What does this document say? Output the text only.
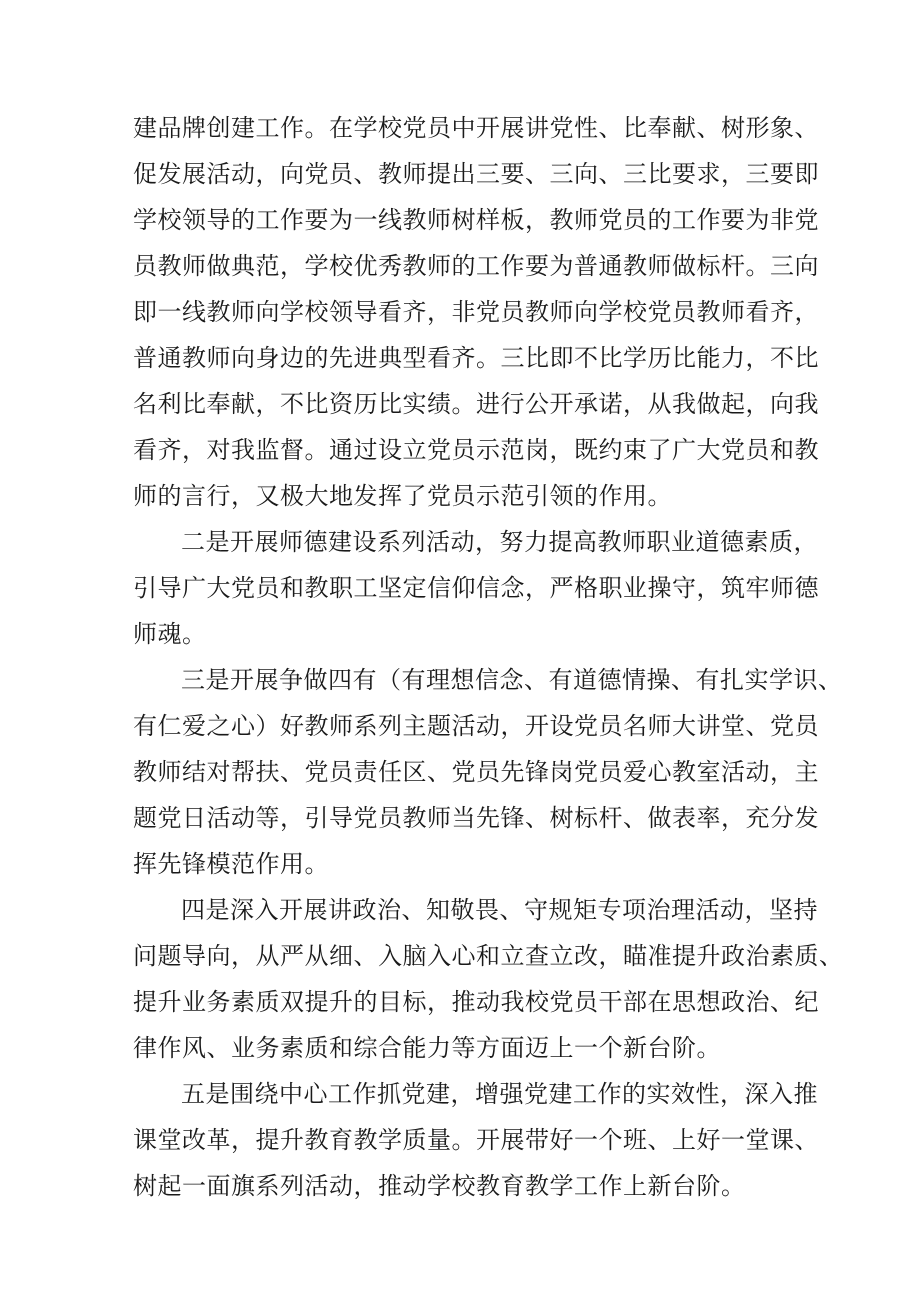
建品牌创建工作。在学校党员中开展讲党性、比奉献、树形象、
促发展活动，向党员、教师提出三要、三向、三比要求，三要即
学校领导的工作要为一线教师树样板，教师党员的工作要为非党
员教师做典范，学校优秀教师的工作要为普通教师做标杆。三向
即一线教师向学校领导看齐，非党员教师向学校党员教师看齐，
普通教师向身边的先进典型看齐。三比即不比学历比能力，不比
名利比奉献，不比资历比实绩。进行公开承诺，从我做起，向我
看齐，对我监督。通过设立党员示范岗，既约束了广大党员和教
师的言行，又极大地发挥了党员示范引领的作用。
二是开展师德建设系列活动，努力提高教师职业道德素质，
引导广大党员和教职工坚定信仰信念，严格职业操守，筑牢师德
师魂。
三是开展争做四有（有理想信念、有道德情操、有扎实学识、
有仁爱之心）好教师系列主题活动，开设党员名师大讲堂、党员
教师结对帮扶、党员责任区、党员先锋岗党员爱心教室活动，主
题党日活动等，引导党员教师当先锋、树标杆、做表率，充分发
挥先锋模范作用。
四是深入开展讲政治、知敬畏、守规矩专项治理活动，坚持
问题导向，从严从细、入脑入心和立查立改，瞄准提升政治素质、
提升业务素质双提升的目标，推动我校党员干部在思想政治、纪
律作风、业务素质和综合能力等方面迈上一个新台阶。
五是围绕中心工作抓党建，增强党建工作的实效性，深入推
课堂改革，提升教育教学质量。开展带好一个班、上好一堂课、
树起一面旗系列活动，推动学校教育教学工作上新台阶。
